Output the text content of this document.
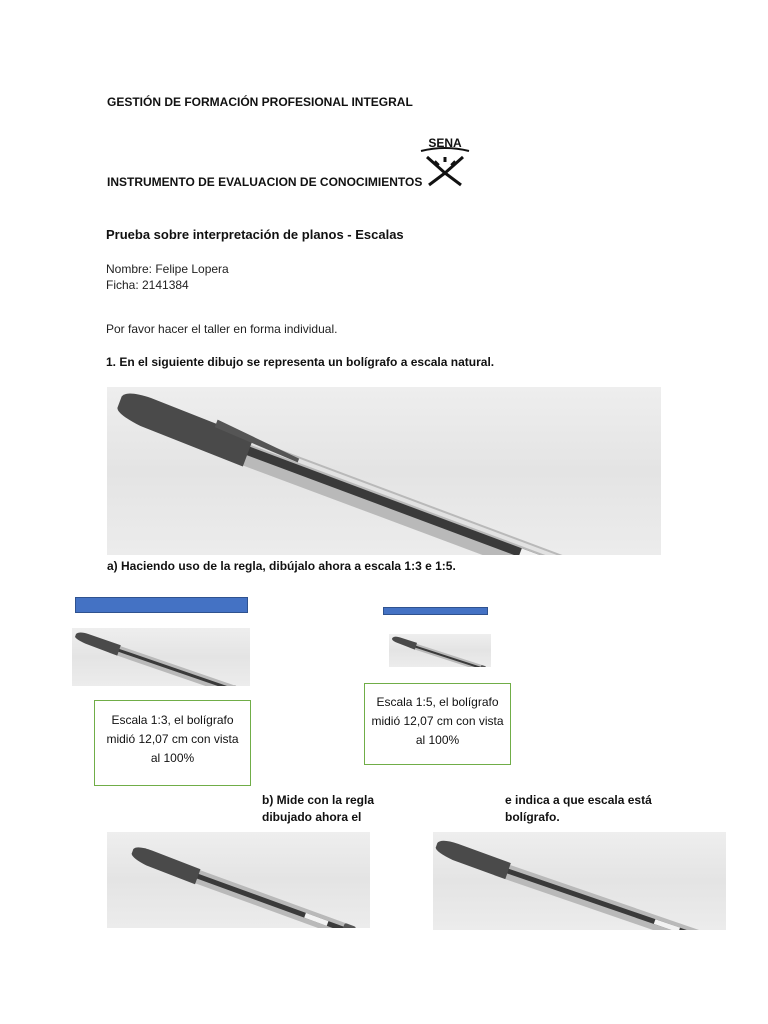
GESTIÓN DE FORMACIÓN PROFESIONAL INTEGRAL
SENA
INSTRUMENTO DE EVALUACION DE CONOCIMIENTOS
Prueba sobre interpretación de planos - Escalas
Nombre: Felipe Lopera
Ficha: 2141384
Por favor hacer el taller en forma individual.
1. En el siguiente dibujo se representa un bolígrafo a escala natural.
a) Haciendo uso de la regla, dibújalo ahora a escala 1:3 e 1:5.
Escala 1:3, el bolígrafo midió 12,07 cm con vista al 100%
Escala 1:5, el bolígrafo midió 12,07 cm con vista al 100%
b) Mide con la regla dibujado ahora el
e indica a que escala está bolígrafo.
